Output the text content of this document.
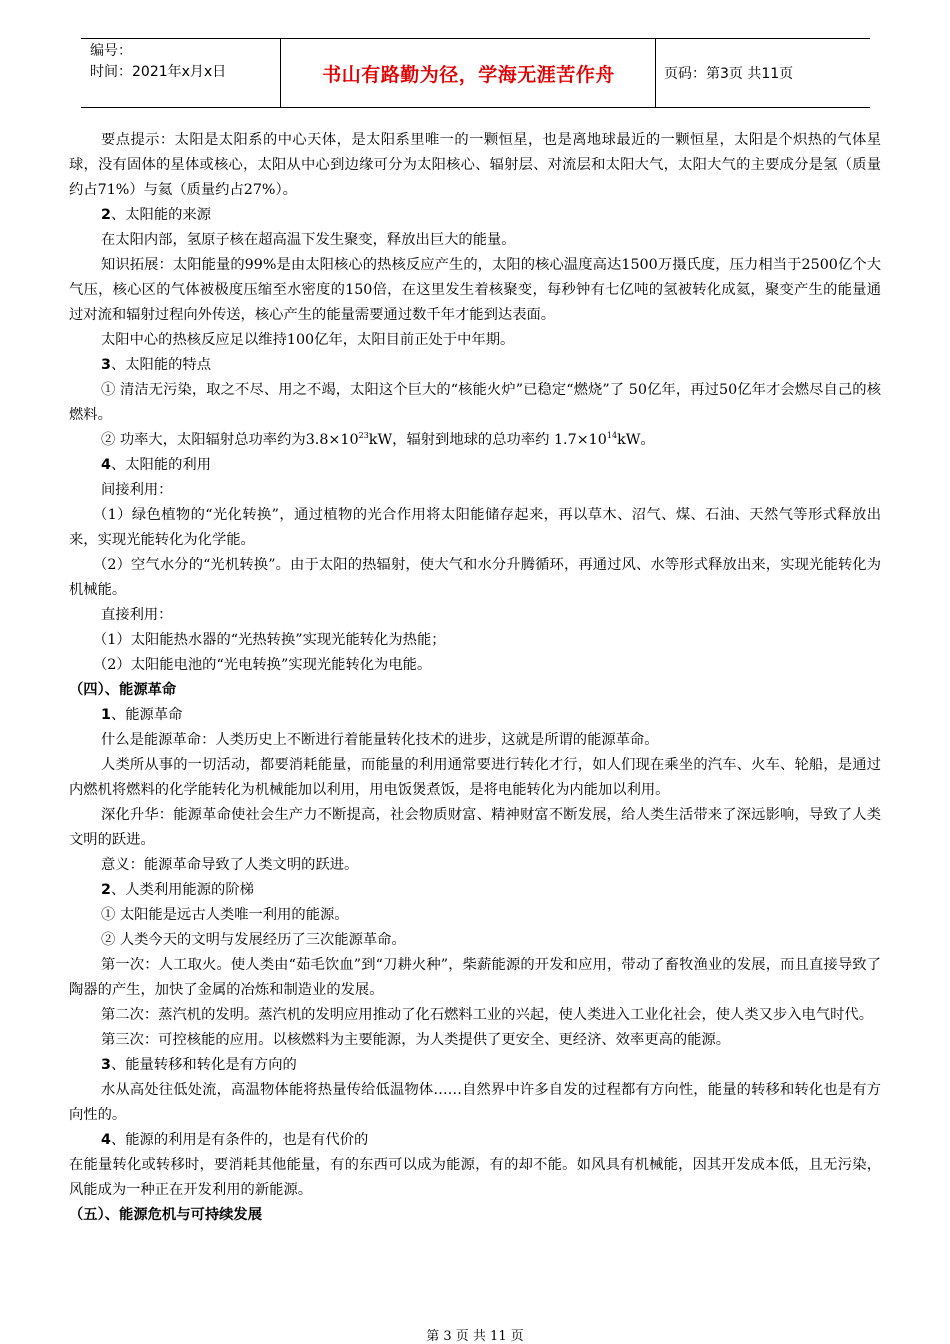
编号：
时间：2021年x月x日	书山有路勤为径，学海无涯苦作舟	页码：第3页 共11页

要点提示：太阳是太阳系的中心天体，是太阳系里唯一的一颗恒星，也是离地球最近的一颗恒星，太阳是个炽热的气体星球，没有固体的星体或核心，太阳从中心到边缘可分为太阳核心、辐射层、对流层和太阳大气，太阳大气的主要成分是氢（质量约占71%）与氦（质量约占27%）。

2、太阳能的来源

在太阳内部，氢原子核在超高温下发生聚变，释放出巨大的能量。

知识拓展：太阳能量的99%是由太阳核心的热核反应产生的，太阳的核心温度高达1500万摄氏度，压力相当于2500亿个大气压，核心区的气体被极度压缩至水密度的150倍，在这里发生着核聚变，每秒钟有七亿吨的氢被转化成氦，聚变产生的能量通过对流和辐射过程向外传送，核心产生的能量需要通过数千年才能到达表面。

太阳中心的热核反应足以维持100亿年，太阳目前正处于中年期。

3、太阳能的特点

① 清洁无污染，取之不尽、用之不竭，太阳这个巨大的“核能火炉”已稳定“燃烧”了 50亿年，再过50亿年才会燃尽自己的核燃料。

② 功率大，太阳辐射总功率约为$3.8\times 10^{23}kW$，辐射到地球的总功率约 $1.7\times 10^{14}kW$。

4、太阳能的利用

间接利用：

（1）绿色植物的“光化转换”，通过植物的光合作用将太阳能储存起来，再以草木、沼气、煤、石油、天然气等形式释放出来，实现光能转化为化学能。

（2）空气水分的“光机转换”。由于太阳的热辐射，使大气和水分升腾循环，再通过风、水等形式释放出来，实现光能转化为机械能。

直接利用：

（1）太阳能热水器的“光热转换”实现光能转化为热能；

（2）太阳能电池的“光电转换”实现光能转化为电能。

（四）、能源革命

1、能源革命

什么是能源革命：人类历史上不断进行着能量转化技术的进步，这就是所谓的能源革命。

人类所从事的一切活动，都要消耗能量，而能量的利用通常要进行转化才行，如人们现在乘坐的汽车、火车、轮船，是通过内燃机将燃料的化学能转化为机械能加以利用，用电饭煲煮饭，是将电能转化为内能加以利用。

深化升华：能源革命使社会生产力不断提高，社会物质财富、精神财富不断发展，给人类生活带来了深远影响，导致了人类文明的跃进。

意义：能源革命导致了人类文明的跃进。

2、人类利用能源的阶梯

① 太阳能是远古人类唯一利用的能源。

② 人类今天的文明与发展经历了三次能源革命。

第一次：人工取火。使人类由“茹毛饮血”到“刀耕火种”，柴薪能源的开发和应用，带动了畜牧渔业的发展，而且直接导致了陶器的产生，加快了金属的冶炼和制造业的发展。

第二次：蒸汽机的发明。蒸汽机的发明应用推动了化石燃料工业的兴起，使人类进入工业化社会，使人类又步入电气时代。

第三次：可控核能的应用。以核燃料为主要能源，为人类提供了更安全、更经济、效率更高的能源。

3、能量转移和转化是有方向的

水从高处往低处流，高温物体能将热量传给低温物体……自然界中许多自发的过程都有方向性，能量的转移和转化也是有方向性的。

4、能源的利用是有条件的，也是有代价的

在能量转化或转移时，要消耗其他能量，有的东西可以成为能源，有的却不能。如风具有机械能，因其开发成本低，且无污染，风能成为一种正在开发利用的新能源。

（五）、能源危机与可持续发展

第 3 页 共 11 页
